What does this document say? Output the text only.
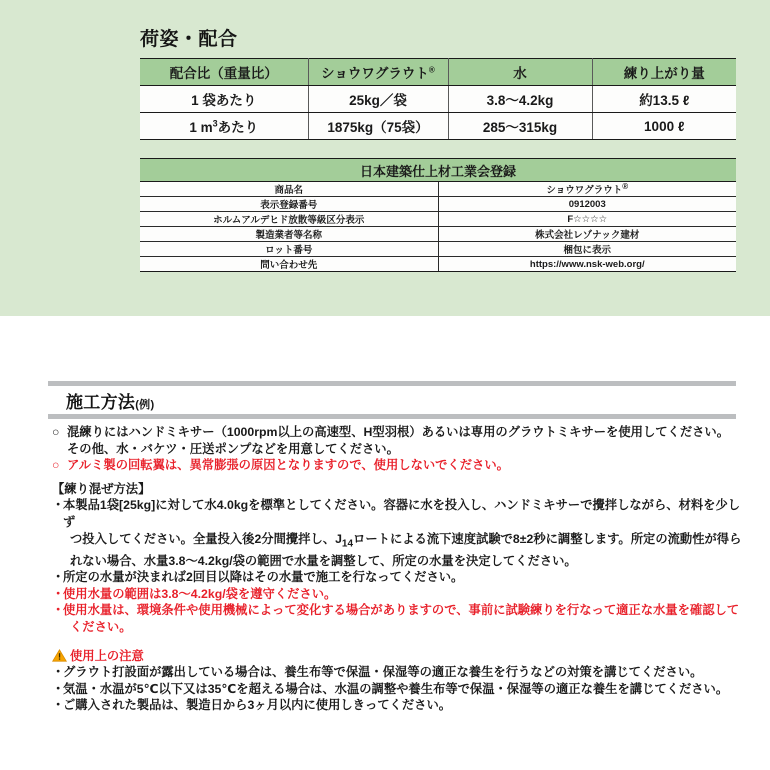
荷姿・配合
配合比（重量比）	ショウワグラウト®	水	練り上がり量
1 袋あたり	25kg／袋	3.8〜4.2kg	約13.5 ℓ
1 $m^3$あたり	1875kg（75袋）	285〜315kg	1000 ℓ
日本建築仕上材工業会登録	
商品名	ショウワグラウト®
表示登録番号	0912003
ホルムアルデヒド放散等級区分表示	F☆☆☆☆
製造業者等名称	株式会社レゾナック建材
ロット番号	梱包に表示
問い合わせ先	https://www.nsk-web.org/
施工方法(例)
○ 混練りにはハンドミキサー（1000rpm以上の高速型、H型羽根）あるいは専用のグラウトミキサーを使用してください。
その他、水・バケツ・圧送ポンプなどを用意してください。
○ アルミ製の回転翼は、異常膨張の原因となりますので、使用しないでください。
【練り混ぜ方法】
・
本製品1袋[25kg]に対して水4.0kgを標準としてください。容器に水を投入し、ハンドミキサーで攪拌しながら、材料を少しず
つ投入してください。全量投入後2分間攪拌し、$J_{14}$ロートによる流下速度試験で8±2秒に調整します。所定の流動性が得ら
れない場合、水量3.8〜4.2kg/袋の範囲で水量を調整して、所定の水量を決定してください。
・
所定の水量が決まれば2回目以降はその水量で施工を行なってください。
・
使用水量の範囲は3.8〜4.2kg/袋を遵守ください。
・
使用水量は、環境条件や使用機械によって変化する場合がありますので、事前に試験練りを行なって適正な水量を確認して
ください。
使用上の注意
・
グラウト打設面が露出している場合は、養生布等で保温・保湿等の適正な養生を行うなどの対策を講じてください。
・
気温・水温が5℃以下又は35℃を超える場合は、水温の調整や養生布等で保温・保湿等の適正な養生を講じてください。
・
ご購入された製品は、製造日から3ヶ月以内に使用しきってください。
